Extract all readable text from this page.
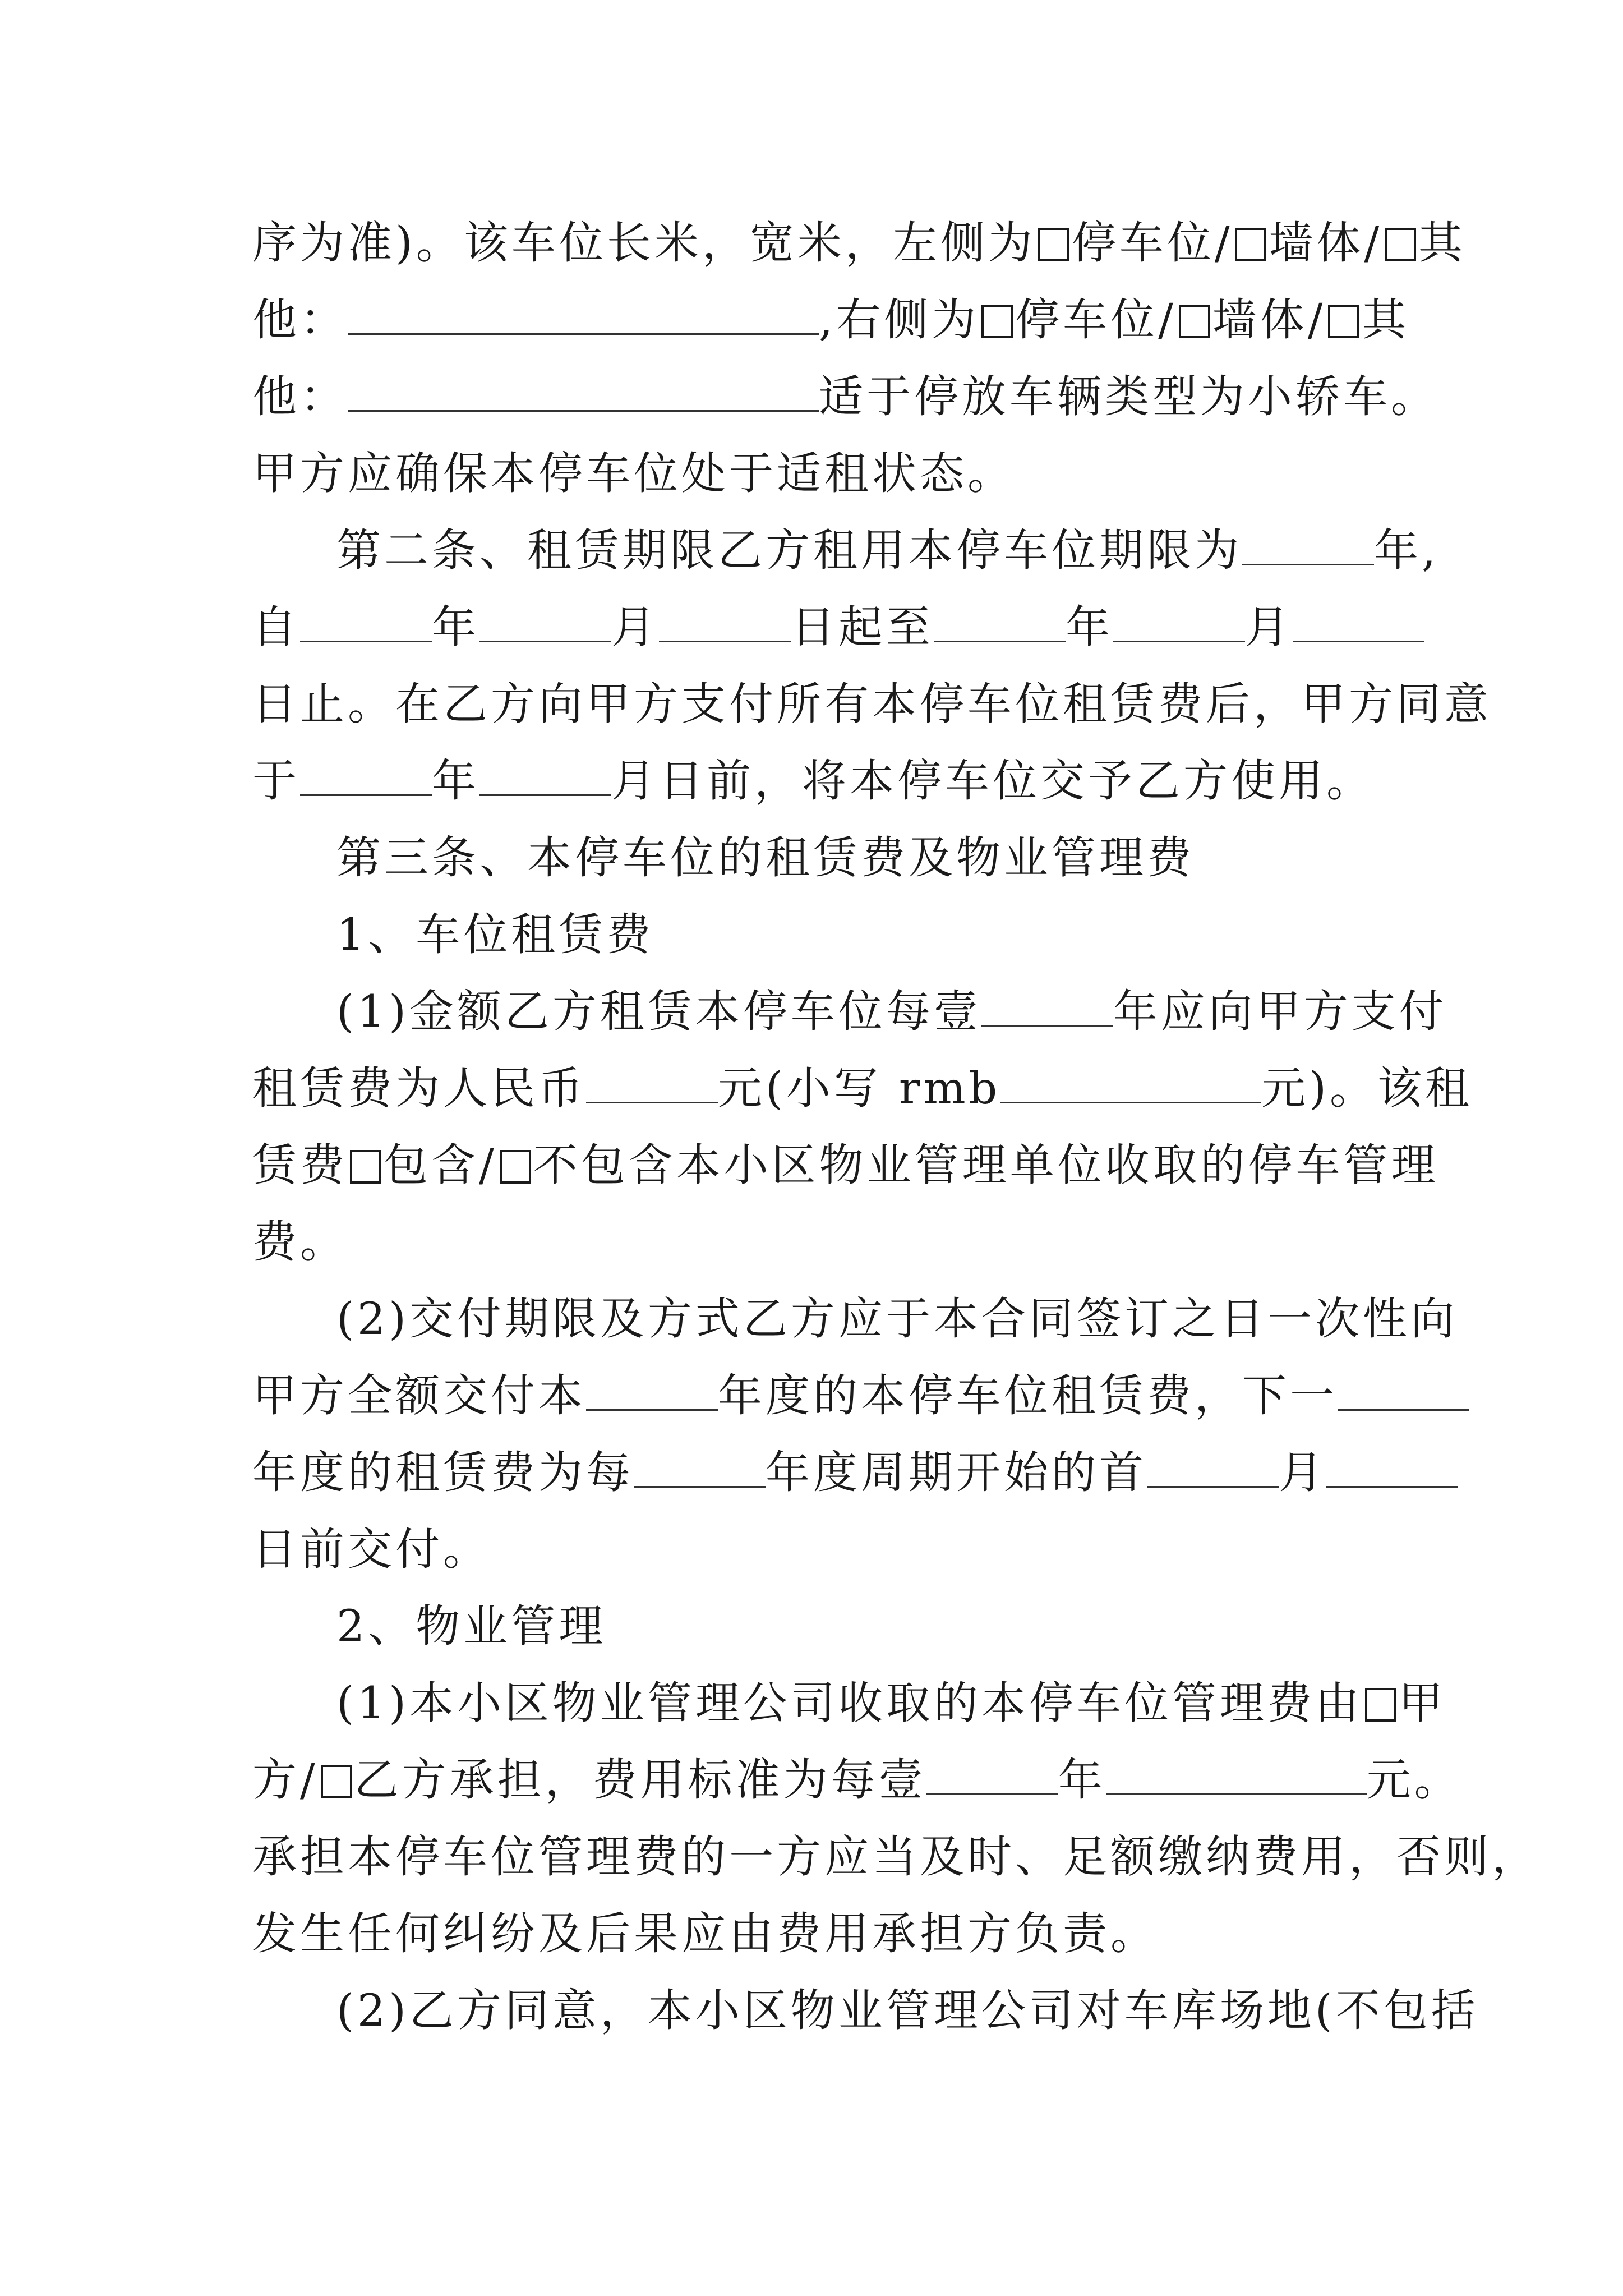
序为准)。该车位长米，宽米，左侧为 停车位/ 墙体/ 其
他：	,右侧为 停车位/ 墙体/ 其
他：	适于停放车辆类型为小轿车。
甲方应确保本停车位处于适租状态。
第二条、租赁期限乙方租用本停车位期限为	年,
自	年	月	日起至	年	月
日止。在乙方向甲方支付所有本停车位租赁费后，甲方同意
于	年	月日前，将本停车位交予乙方使用。
第三条、本停车位的租赁费及物业管理费
1、车位租赁费
(1)金额乙方租赁本停车位每壹	年应向甲方支付
租赁费为人民币	元(小写 rmb	元)。该租
赁费 包含/ 不包含本小区物业管理单位收取的停车管理
费。
(2)交付期限及方式乙方应于本合同签订之日一次性向
甲方全额交付本	年度的本停车位租赁费，下一
年度的租赁费为每	年度周期开始的首	月
日前交付。
2、物业管理
(1)本小区物业管理公司收取的本停车位管理费由 甲
方/ 乙方承担，费用标准为每壹	年	元。
承担本停车位管理费的一方应当及时、足额缴纳费用，否则，
发生任何纠纷及后果应由费用承担方负责。
(2)乙方同意，本小区物业管理公司对车库场地(不包括
